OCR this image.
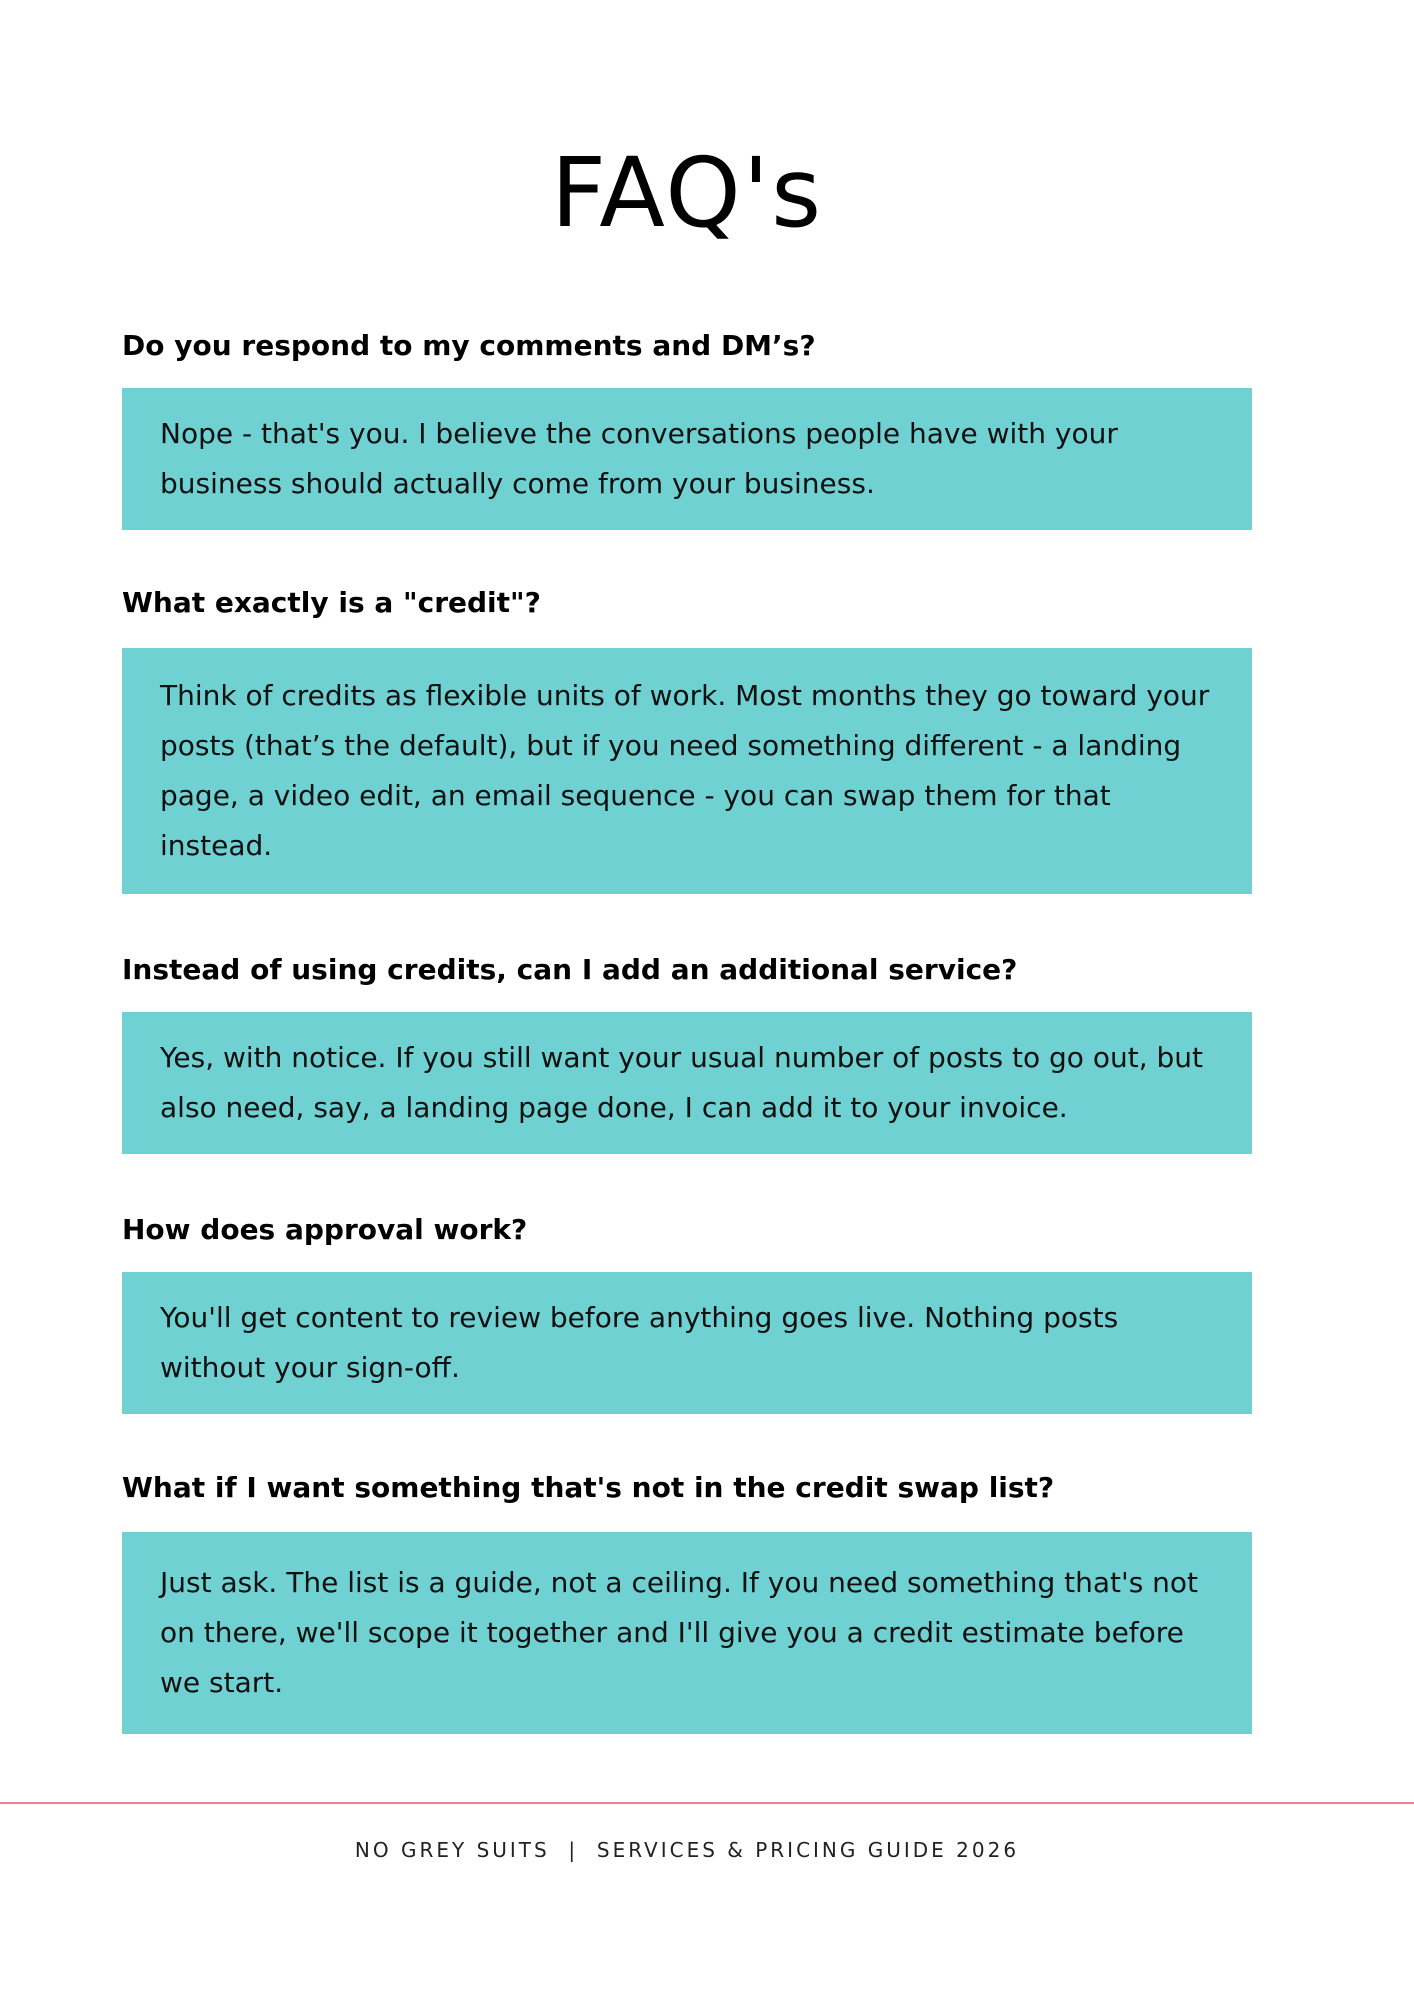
FAQ's
Do you respond to my comments and DM’s?

Nope - that's you. I believe the conversations people have with your business should actually come from your business.

What exactly is a "credit"?

Think of credits as flexible units of work. Most months they go toward your posts (that’s the default), but if you need something different - a landing page, a video edit, an email sequence - you can swap them for that instead.

Instead of using credits, can I add an additional service?

Yes, with notice. If you still want your usual number of posts to go out, but also need, say, a landing page done, I can add it to your invoice.

How does approval work?

You'll get content to review before anything goes live. Nothing posts without your sign-off.

What if I want something that's not in the credit swap list?

Just ask. The list is a guide, not a ceiling. If you need something that's not on there, we'll scope it together and I'll give you a credit estimate before we start.

NO GREY SUITS  |  SERVICES & PRICING GUIDE 2026
